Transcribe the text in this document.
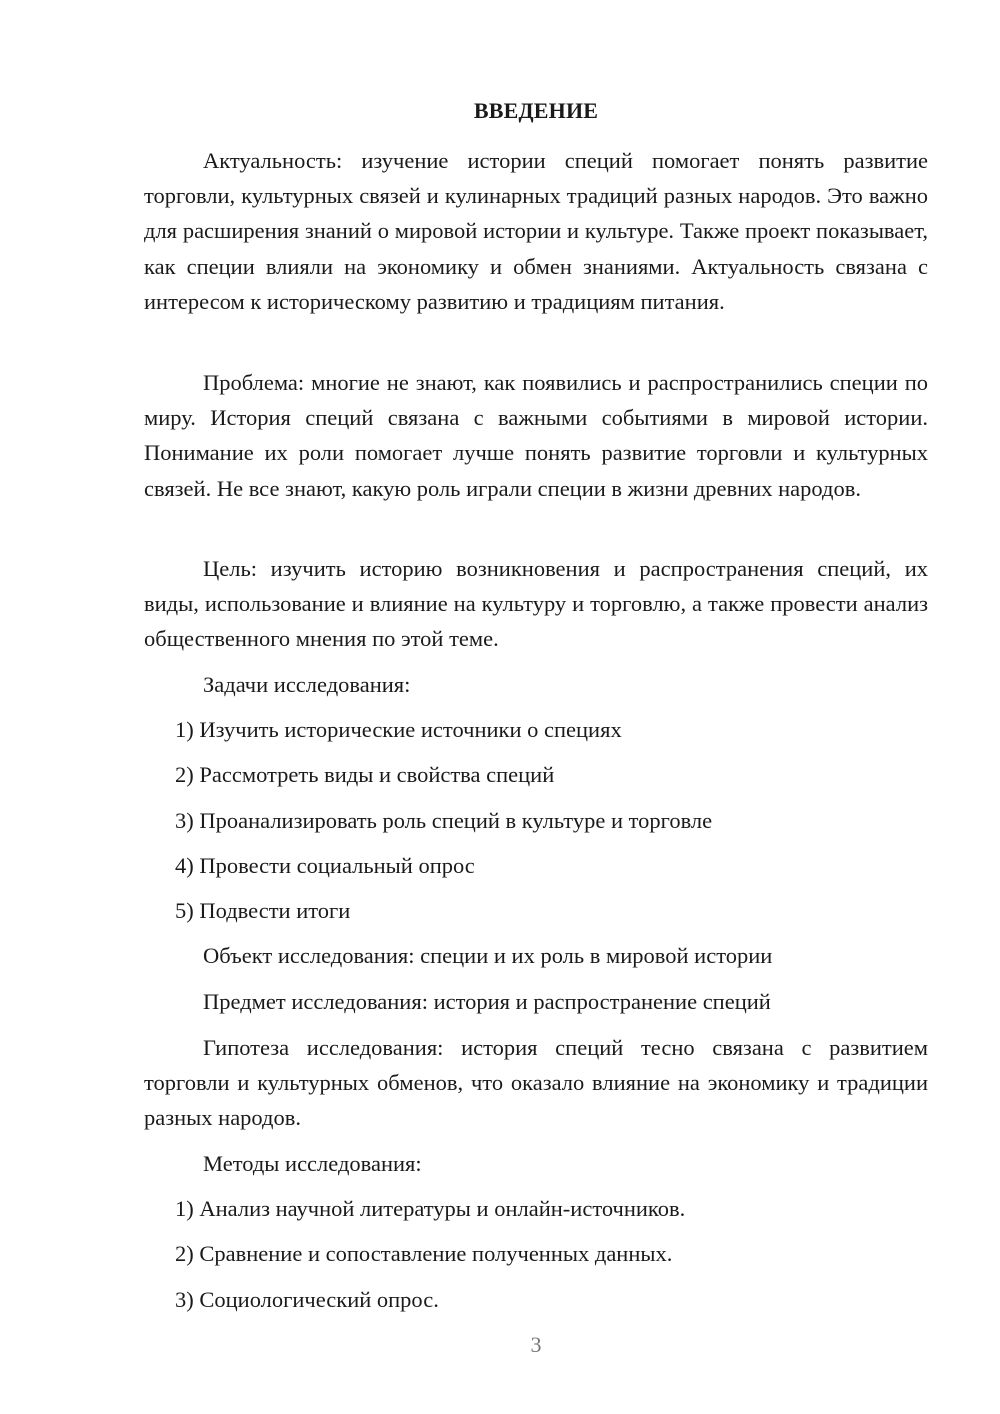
ВВЕДЕНИЕ

Актуальность: изучение истории специй помогает понять развитие торговли, культурных связей и кулинарных традиций разных народов. Это важно для расширения знаний о мировой истории и культуре. Также проект показывает, как специи влияли на экономику и обмен знаниями. Актуальность связана с интересом к историческому развитию и традициям питания.

Проблема: многие не знают, как появились и распространились специи по миру. История специй связана с важными событиями в мировой истории. Понимание их роли помогает лучше понять развитие торговли и культурных связей. Не все знают, какую роль играли специи в жизни древних народов.

Цель: изучить историю возникновения и распространения специй, их виды, использование и влияние на культуру и торговлю, а также провести анализ общественного мнения по этой теме.

Задачи исследования:

1) Изучить исторические источники о специях

2) Рассмотреть виды и свойства специй

3) Проанализировать роль специй в культуре и торговле

4) Провести социальный опрос

5) Подвести итоги

Объект исследования: специи и их роль в мировой истории

Предмет исследования: история и распространение специй

Гипотеза исследования: история специй тесно связана с развитием торговли и культурных обменов, что оказало влияние на экономику и традиции разных народов.

Методы исследования:

1) Анализ научной литературы и онлайн-источников.

2) Сравнение и сопоставление полученных данных.

3) Социологический опрос.

3
